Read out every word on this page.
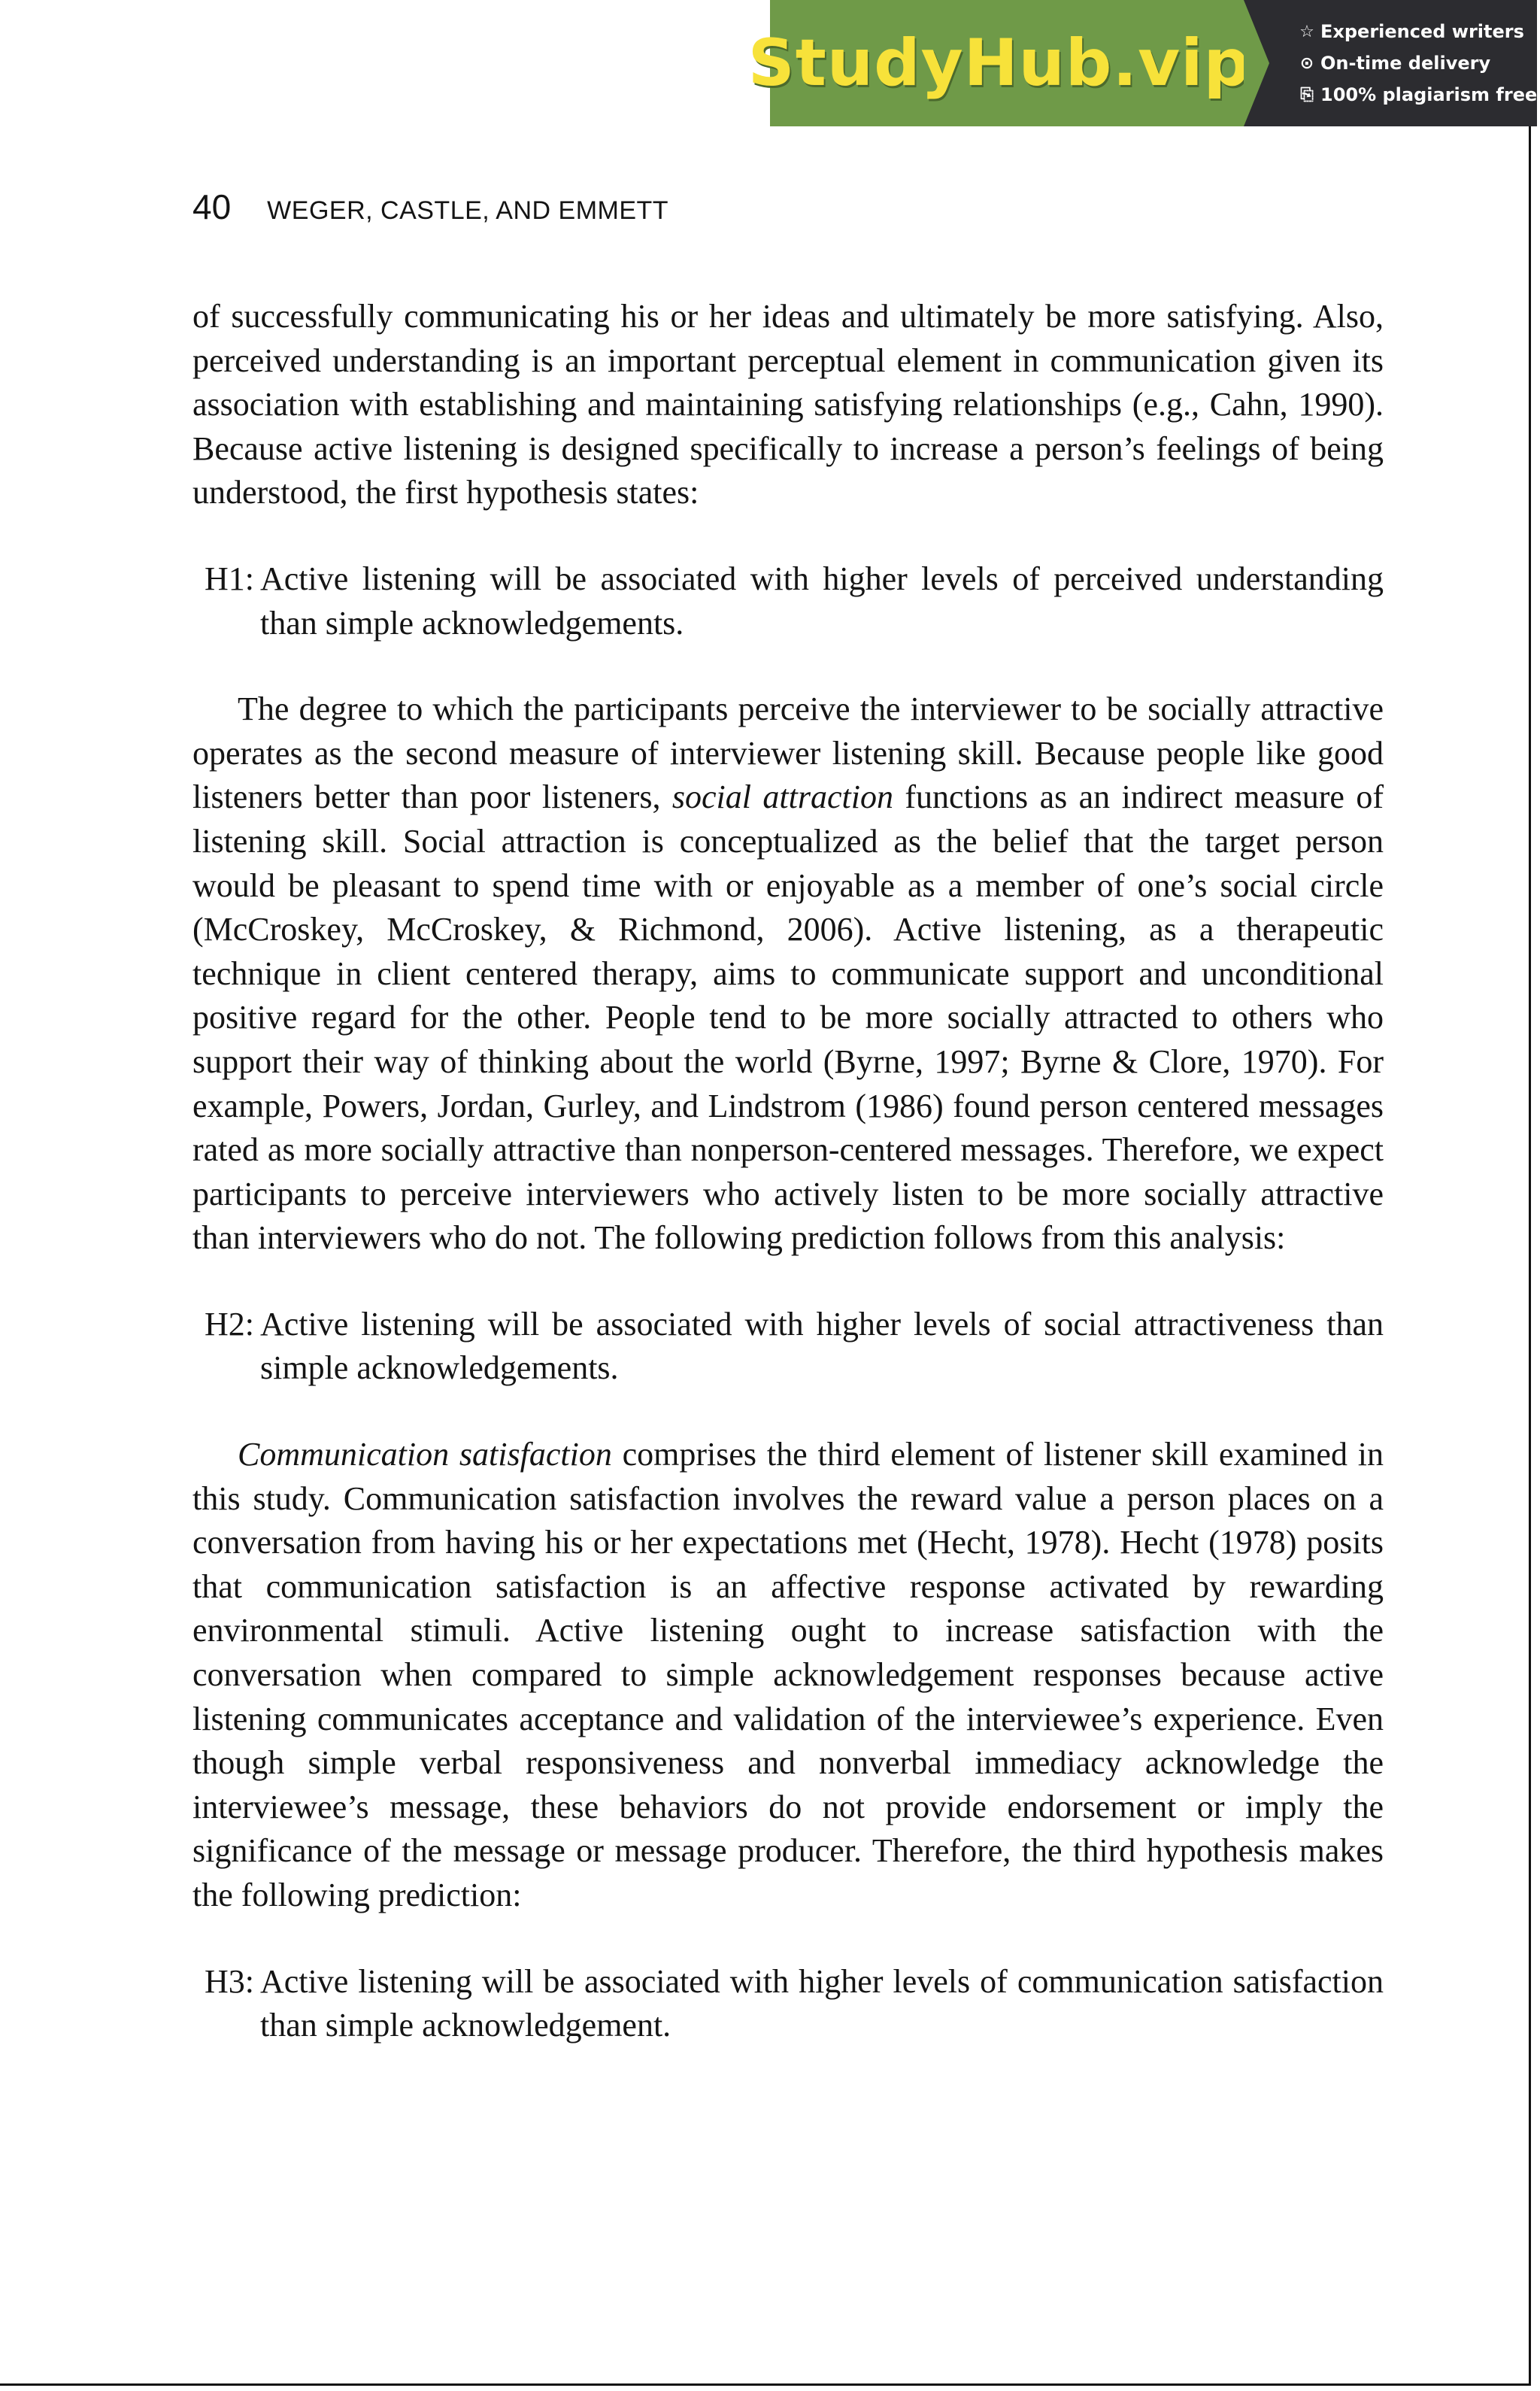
StudyHub.vip	☆ Experienced writers
⊙ On-time delivery
⎘ 100% plagiarism free
40 WEGER, CASTLE, AND EMMETT

of successfully communicating his or her ideas and ultimately be more satisfying. Also, perceived understanding is an important perceptual element in communication given its association with establishing and maintaining satisfying relationships (e.g., Cahn, 1990). Because active listening is designed specifically to increase a person’s feelings of being understood, the first hypothesis states:

H1: Active listening will be associated with higher levels of perceived understanding than simple acknowledgements.

The degree to which the participants perceive the interviewer to be socially attractive operates as the second measure of interviewer listening skill. Because people like good listeners better than poor listeners, social attraction functions as an indirect measure of listening skill. Social attraction is conceptualized as the belief that the target person would be pleasant to spend time with or enjoyable as a member of one’s social circle (McCroskey, McCroskey, & Richmond, 2006). Active listening, as a therapeutic technique in client centered therapy, aims to communicate support and unconditional positive regard for the other. People tend to be more socially attracted to others who support their way of thinking about the world (Byrne, 1997; Byrne & Clore, 1970). For example, Powers, Jordan, Gurley, and Lindstrom (1986) found person centered messages rated as more socially attractive than nonperson-centered messages. Therefore, we expect participants to perceive interviewers who actively listen to be more socially attractive than interviewers who do not. The following prediction follows from this analysis:

H2: Active listening will be associated with higher levels of social attractiveness than simple acknowledgements.

Communication satisfaction comprises the third element of listener skill examined in this study. Communication satisfaction involves the reward value a person places on a conversation from having his or her expectations met (Hecht, 1978). Hecht (1978) posits that communication satisfaction is an affective response activated by rewarding environmental stimuli. Active listening ought to increase satisfaction with the conversation when compared to simple acknowledgement responses because active listening communicates acceptance and validation of the interviewee’s experience. Even though simple verbal responsiveness and nonverbal immediacy acknowledge the interviewee’s message, these behaviors do not provide endorsement or imply the significance of the message or message producer. Therefore, the third hypothesis makes the following prediction:

H3: Active listening will be associated with higher levels of communication satisfaction than simple acknowledgement.
